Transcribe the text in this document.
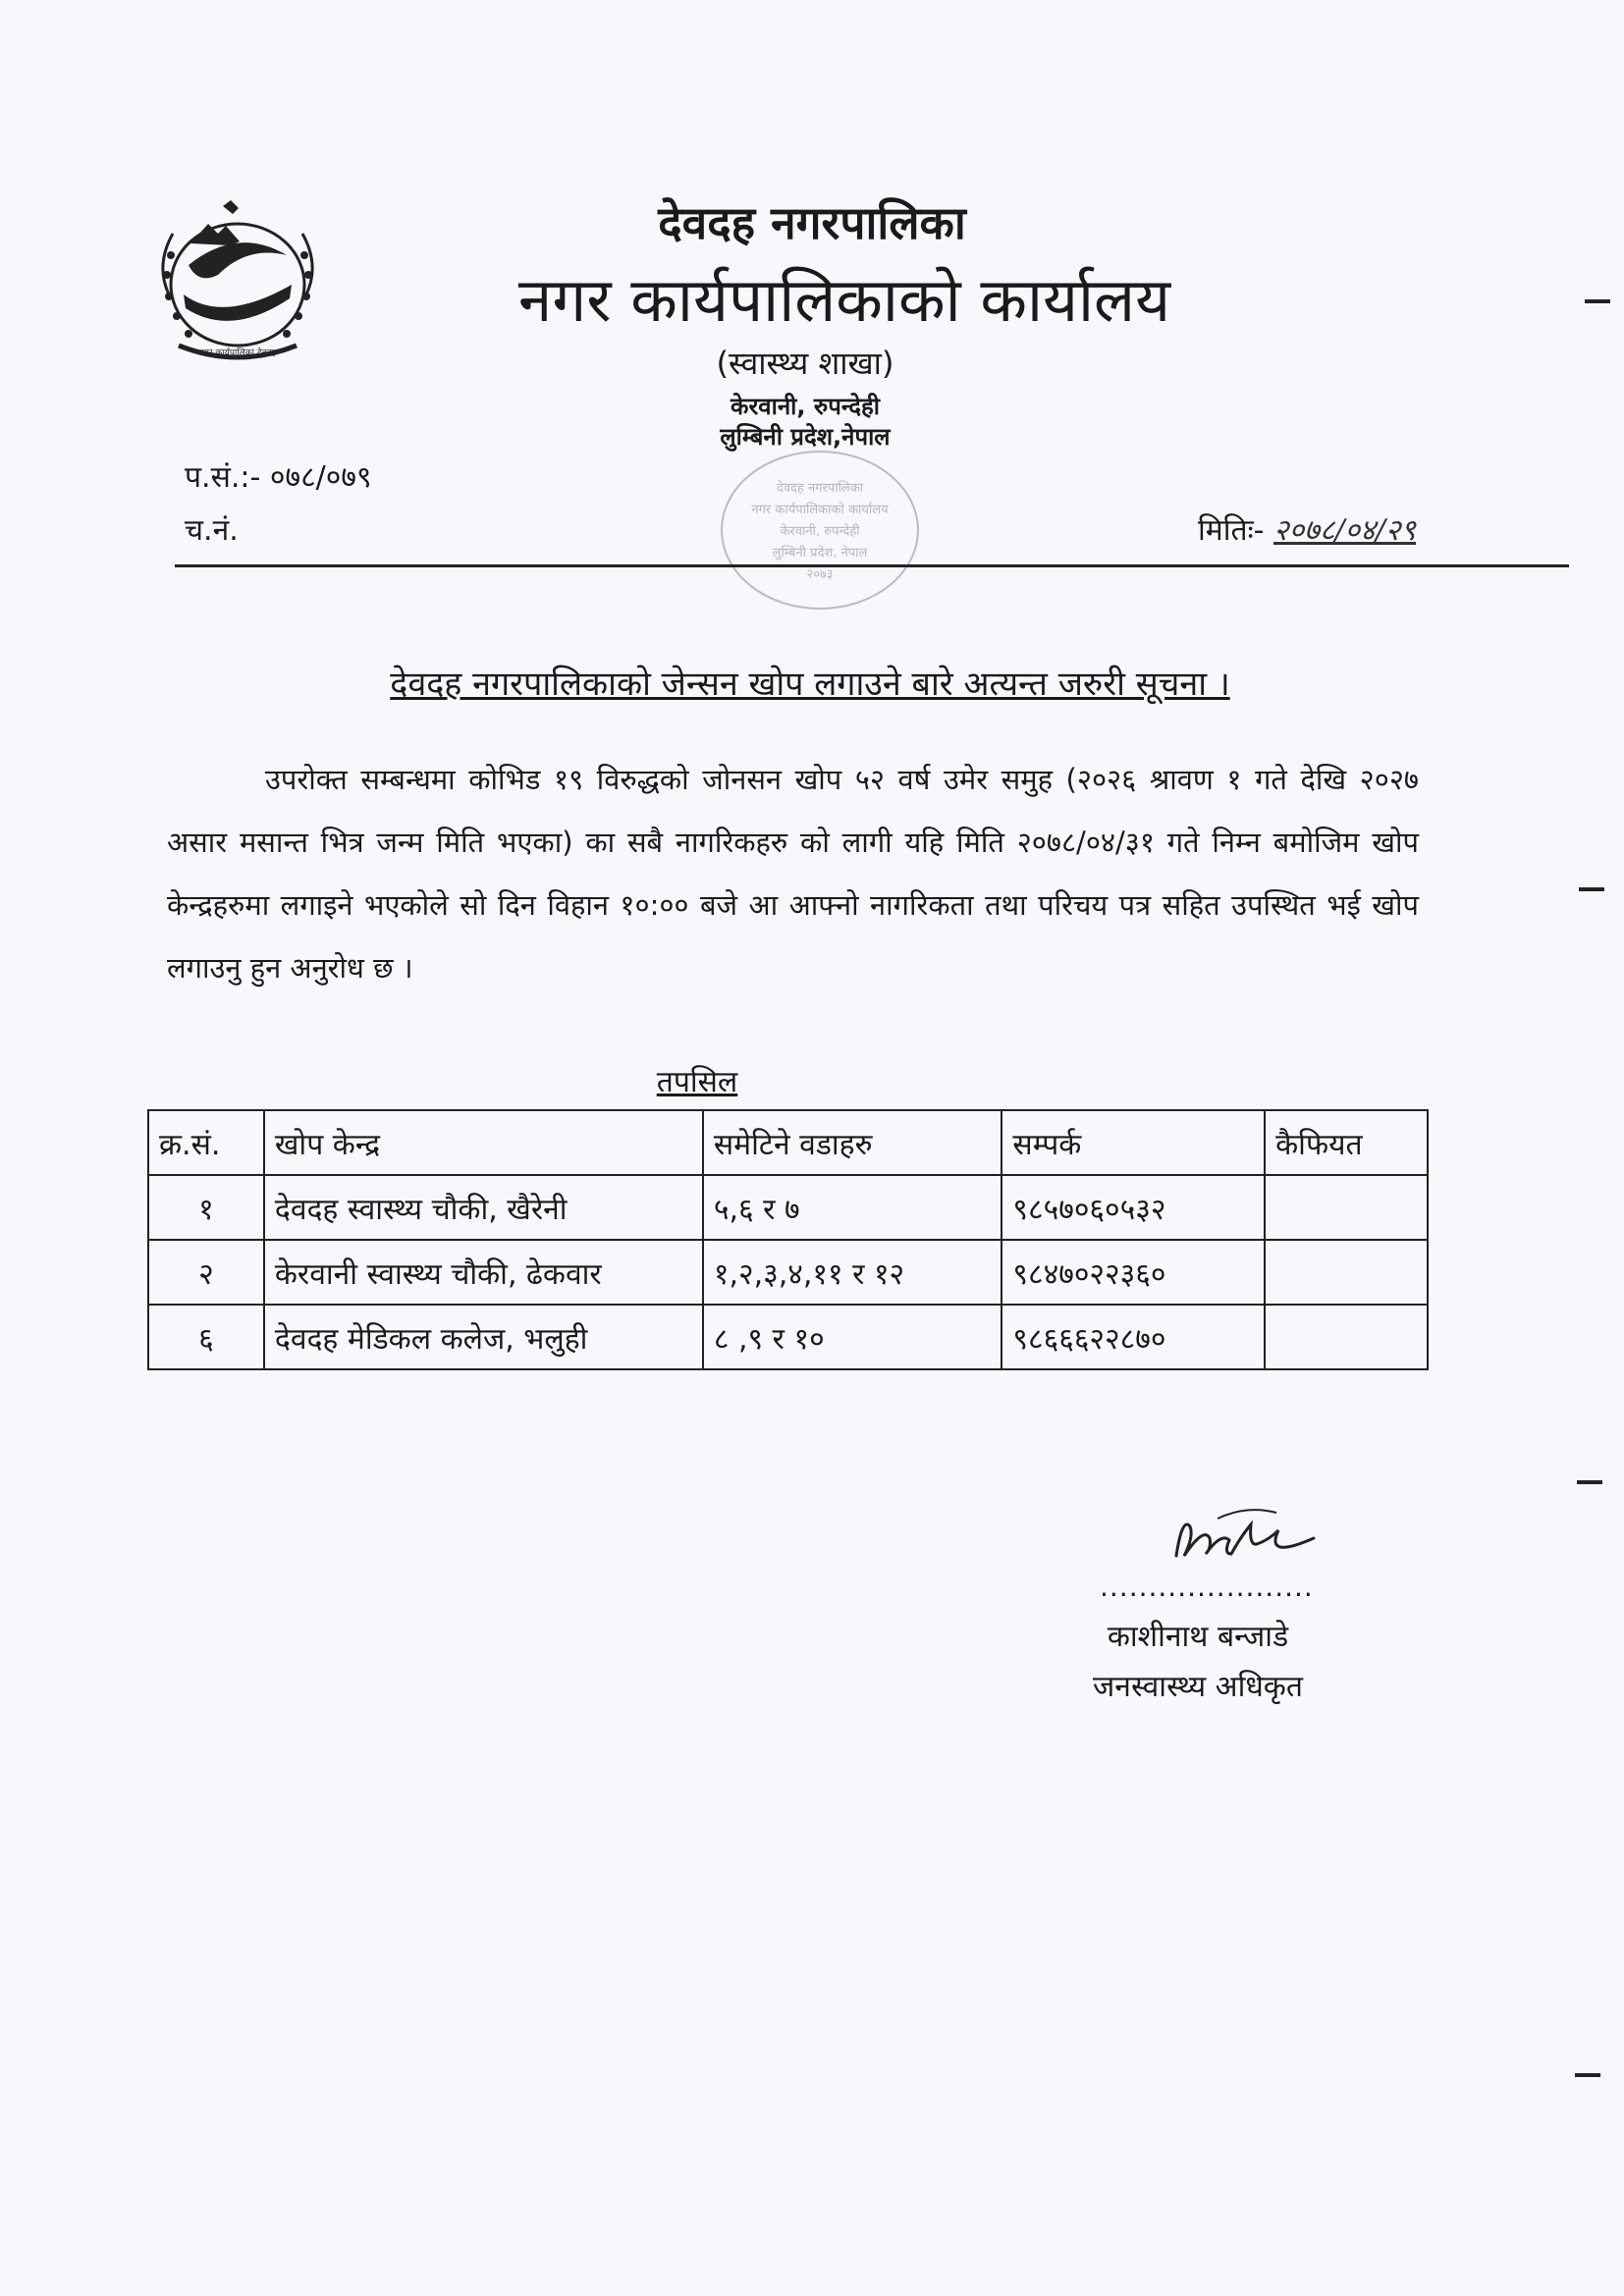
नगर कार्यपालिका देवदह
देवदह नगरपालिका
नगर कार्यपालिकाको कार्यालय
(स्वास्थ्य शाखा)
केरवानी, रुपन्देही
लुम्बिनी प्रदेश,नेपाल
देवदह नगरपालिका
नगर कार्यपालिकाको कार्यालय
केरवानी, रुपन्देही
लुम्बिनी प्रदेश, नेपाल
२०७३
प.सं.:- ०७८/०७९
च.नं.	मितिः- २०७८/०४/२९
देवदह नगरपालिकाको जेन्सन खोप लगाउने बारे अत्यन्त जरुरी सूचना ।
उपरोक्त सम्बन्धमा कोभिड १९ विरुद्धको जोनसन खोप ५२ वर्ष उमेर समुह (२०२६ श्रावण १ गते देखि २०२७ असार मसान्त भित्र जन्म मिति भएका) का सबै नागरिकहरु को लागी यहि मिति २०७८/०४/३१ गते निम्न बमोजिम खोप केन्द्रहरुमा लगाइने भएकोले सो दिन विहान १०:०० बजे आ आफ्नो नागरिकता तथा परिचय पत्र सहित उपस्थित भई खोप लगाउनु हुन अनुरोध छ ।
तपसिल
क्र.सं.	खोप केन्द्र	समेटिने वडाहरु	सम्पर्क	कैफियत
१	देवदह स्वास्थ्य चौकी, खैरेनी	५,६ र ७	९८५७०६०५३२	
२	केरवानी स्वास्थ्य चौकी, ढेकवार	१,२,३,४,११ र १२	९८४७०२२३६०	
६	देवदह मेडिकल कलेज, भलुही	८ ,९ र १०	९८६६६२२८७०	
......................
काशीनाथ बन्जाडे
जनस्वास्थ्य अधिकृत
